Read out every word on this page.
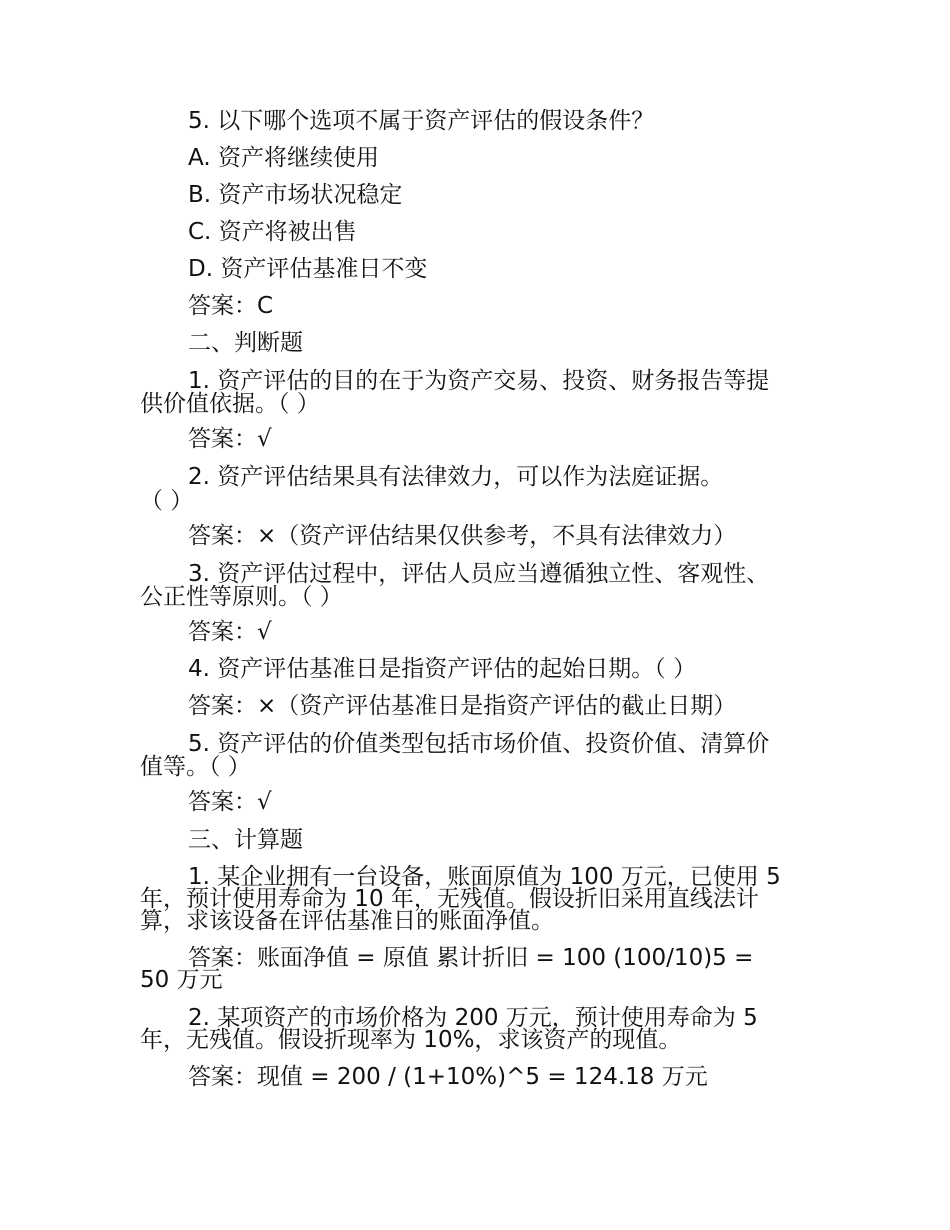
5. 以下哪个选项不属于资产评估的假设条件？
A. 资产将继续使用
B. 资产市场状况稳定
C. 资产将被出售
D. 资产评估基准日不变
答案：C
二、判断题
1. 资产评估的目的在于为资产交易、投资、财务报告等提
供价值依据。（ ）
答案：√
2. 资产评估结果具有法律效力，可以作为法庭证据。
（ ）
答案：×（资产评估结果仅供参考，不具有法律效力）
3. 资产评估过程中，评估人员应当遵循独立性、客观性、
公正性等原则。（ ）
答案：√
4. 资产评估基准日是指资产评估的起始日期。（ ）
答案：×（资产评估基准日是指资产评估的截止日期）
5. 资产评估的价值类型包括市场价值、投资价值、清算价
值等。（ ）
答案：√
三、计算题
1. 某企业拥有一台设备，账面原值为 100 万元，已使用 5
年，预计使用寿命为 10 年，无残值。假设折旧采用直线法计
算，求该设备在评估基准日的账面净值。
答案：账面净值 = 原值 累计折旧 = 100 (100/10)5 =
50 万元
2. 某项资产的市场价格为 200 万元，预计使用寿命为 5
年，无残值。假设折现率为 10%，求该资产的现值。
答案：现值 = 200 / (1+10%)^5 = 124.18 万元
